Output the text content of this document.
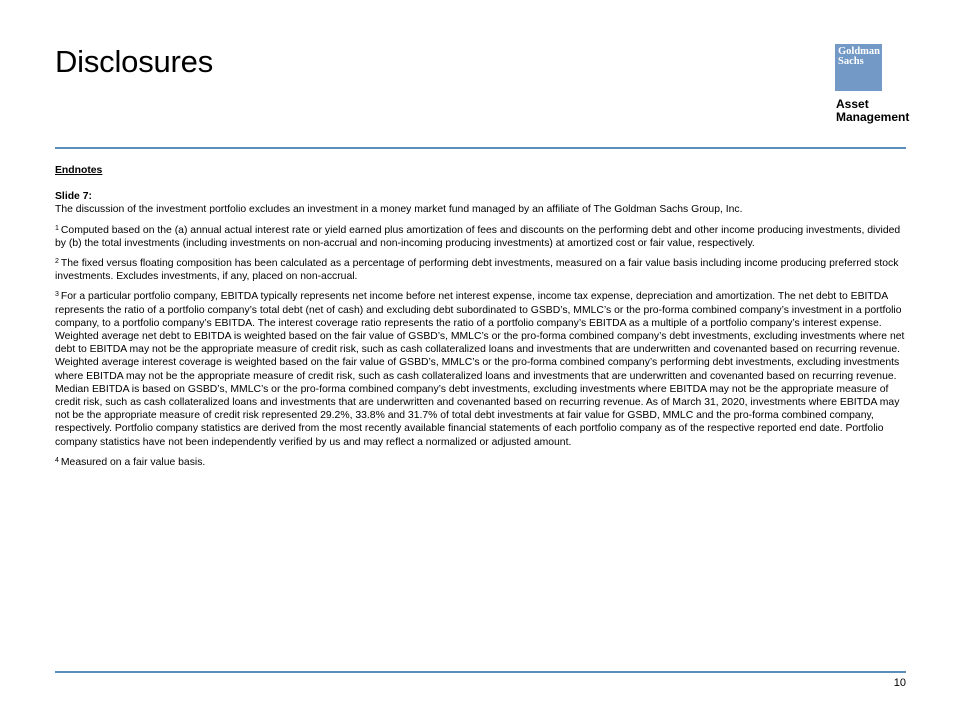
Disclosures	Goldman
Sachs
Asset
Management

Endnotes

Slide 7:

The discussion of the investment portfolio excludes an investment in a money market fund managed by an affiliate of The Goldman Sachs Group, Inc.

$^1$ Computed based on the (a) annual actual interest rate or yield earned plus amortization of fees and discounts on the performing debt and other income producing investments, divided by (b) the total investments (including investments on non-accrual and non-incoming producing investments) at amortized cost or fair value, respectively.

$^2$ The fixed versus floating composition has been calculated as a percentage of performing debt investments, measured on a fair value basis including income producing preferred stock investments. Excludes investments, if any, placed on non-accrual.

$^3$ For a particular portfolio company, EBITDA typically represents net income before net interest expense, income tax expense, depreciation and amortization. The net debt to EBITDA represents the ratio of a portfolio company’s total debt (net of cash) and excluding debt subordinated to GSBD’s, MMLC’s or the pro-forma combined company’s investment in a portfolio company, to a portfolio company’s EBITDA. The interest coverage ratio represents the ratio of a portfolio company’s EBITDA as a multiple of a portfolio company’s interest expense. Weighted average net debt to EBITDA is weighted based on the fair value of GSBD’s, MMLC’s or the pro-forma combined company’s debt investments, excluding investments where net debt to EBITDA may not be the appropriate measure of credit risk, such as cash collateralized loans and investments that are underwritten and covenanted based on recurring revenue. Weighted average interest coverage is weighted based on the fair value of GSBD’s, MMLC’s or the pro-forma combined company’s performing debt investments, excluding investments where EBITDA may not be the appropriate measure of credit risk, such as cash collateralized loans and investments that are underwritten and covenanted based on recurring revenue. Median EBITDA is based on GSBD’s, MMLC’s or the pro-forma combined company’s debt investments, excluding investments where EBITDA may not be the appropriate measure of credit risk, such as cash collateralized loans and investments that are underwritten and covenanted based on recurring revenue. As of March 31, 2020, investments where EBITDA may not be the appropriate measure of credit risk represented 29.2%, 33.8% and 31.7% of total debt investments at fair value for GSBD, MMLC and the pro-forma combined company, respectively. Portfolio company statistics are derived from the most recently available financial statements of each portfolio company as of the respective reported end date. Portfolio company statistics have not been independently verified by us and may reflect a normalized or adjusted amount.

$^4$ Measured on a fair value basis.

10
